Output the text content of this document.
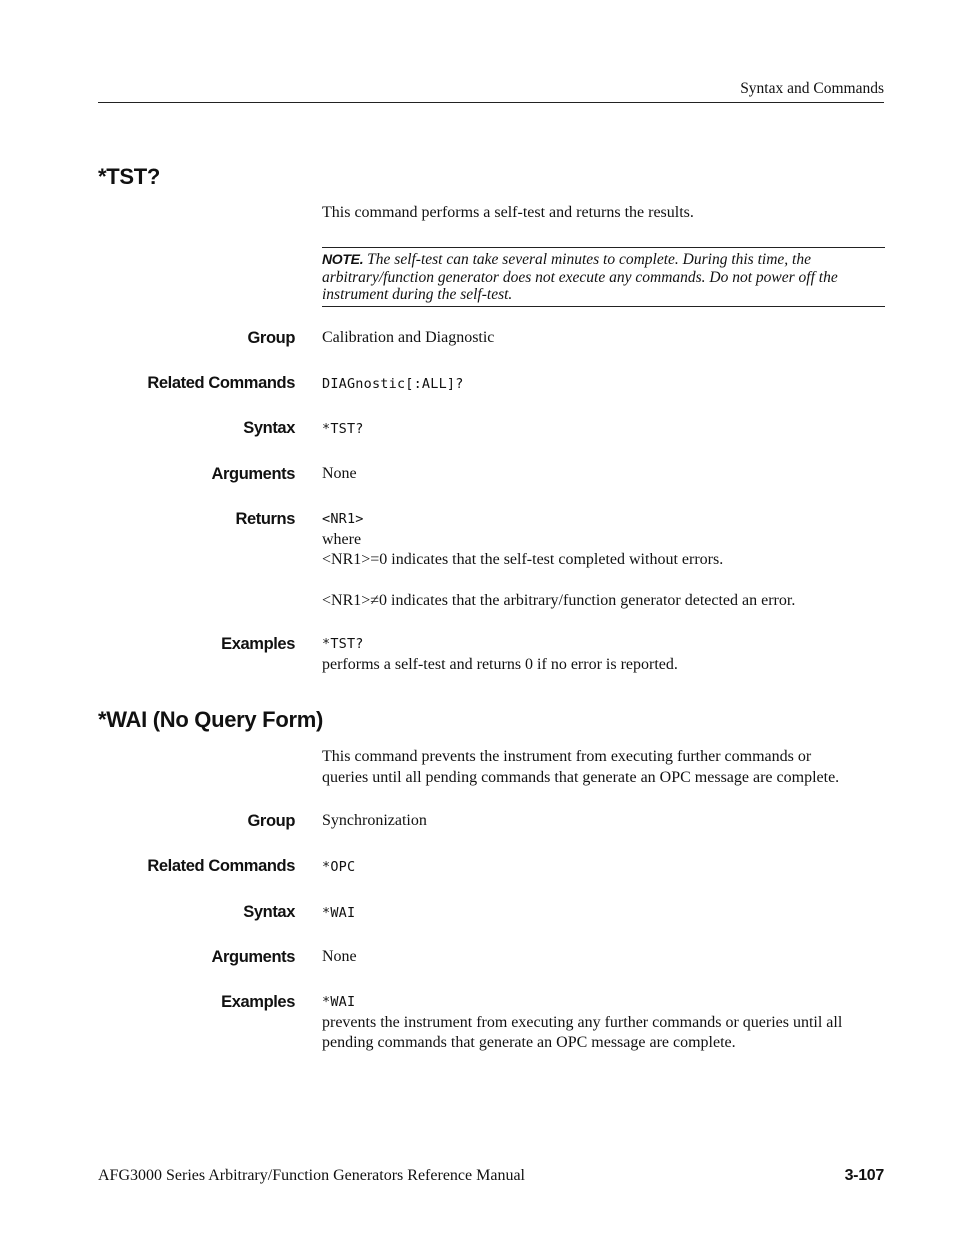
Syntax and Commands
*TST?
This command performs a self-test and returns the results.
NOTE. The self-test can take several minutes to complete. During this time, the
arbitrary/function generator does not execute any commands. Do not power off the
instrument during the self-test.
Group Calibration and Diagnostic
Related Commands DIAGnostic[:ALL]?
Syntax *TST?
Arguments None
Returns <NR1>
where
<NR1>=0 indicates that the self-test completed without errors.
<NR1>≠0 indicates that the arbitrary/function generator detected an error.
Examples *TST?
performs a self-test and returns 0 if no error is reported.
*WAI (No Query Form)
This command prevents the instrument from executing further commands or
queries until all pending commands that generate an OPC message are complete.
Group Synchronization
Related Commands *OPC
Syntax *WAI
Arguments None
Examples *WAI
prevents the instrument from executing any further commands or queries until all
pending commands that generate an OPC message are complete.
AFG3000 Series Arbitrary/Function Generators Reference Manual	3-107
